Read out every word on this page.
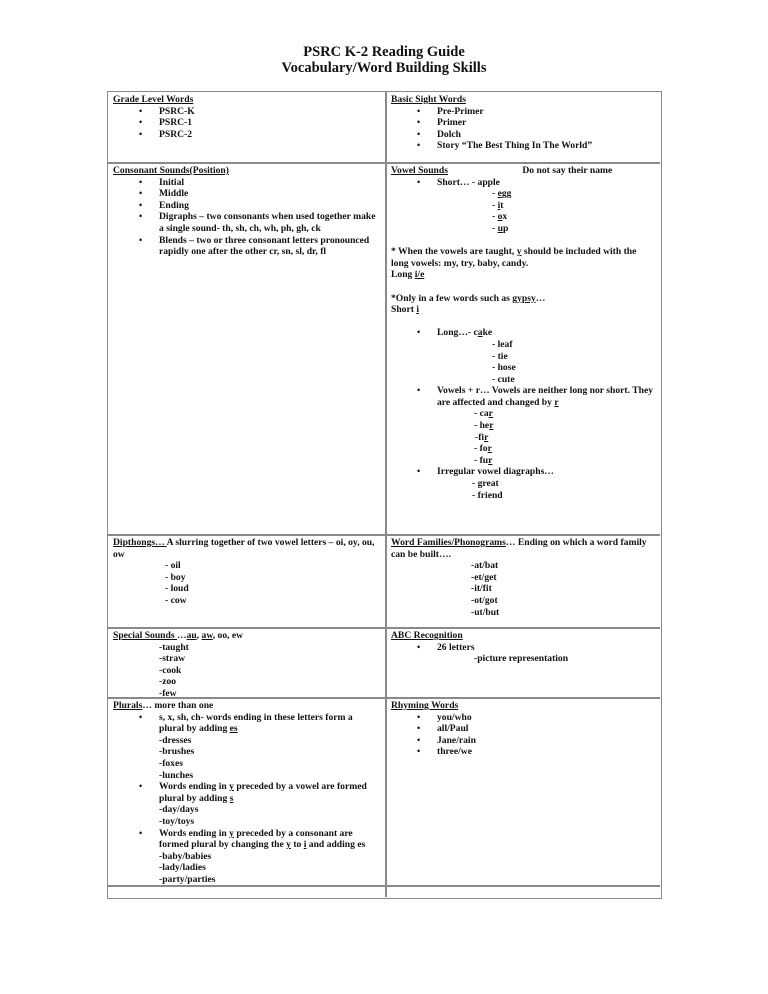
PSRC K-2 Reading Guide
Vocabulary/Word Building Skills
Grade Level Words
• PSRC-K
• PSRC-1
• PSRC-2
Basic Sight Words
• Pre-Primer
• Primer
• Dolch
• Story “The Best Thing In The World”
Consonant Sounds(Position)
• Initial
• Middle
• Ending
• Digraphs – two consonants when used together make a single sound- th, sh, ch, wh, ph, gh, ck
• Blends – two or three consonant letters pronounced rapidly one after the other cr, sn, sl, dr, fl
Vowel Sounds	Do not say their name
• Short… - apple
- egg
- it
- ox
- up
* When the vowels are taught, y should be included with the long vowels: my, try, baby, candy.
Long i/e
*Only in a few words such as gypsy…
Short i
• Long…- cake
- leaf
- tie
- hose
- cute
• Vowels + r… Vowels are neither long nor short. They are affected and changed by r
- car
- her
-fir
- for
- fur
• Irregular vowel diagraphs…
- great
- friend
Dipthongs… A slurring together of two vowel letters – oi, oy, ou, ow
- oil
- boy
- loud
- cow
Word Families/Phonograms… Ending on which a word family can be built….
-at/bat
-et/get
-it/fit
-ot/got
-ut/but
Special Sounds …au, aw, oo, ew
-taught
-straw
-cook
-zoo
-few
ABC Recognition
• 26 letters
-picture representation
Plurals… more than one
• s, x, sh, ch- words ending in these letters form a plural by adding es
-dresses
-brushes
-foxes
-lunches
• Words ending in y preceded by a vowel are formed plural by adding s
-day/days
-toy/toys
• Words ending in y preceded by a consonant are formed plural by changing the y to i and adding es
-baby/babies
-lady/ladies
-party/parties
Rhyming Words
• you/who
• all/Paul
• Jane/rain
• three/we
